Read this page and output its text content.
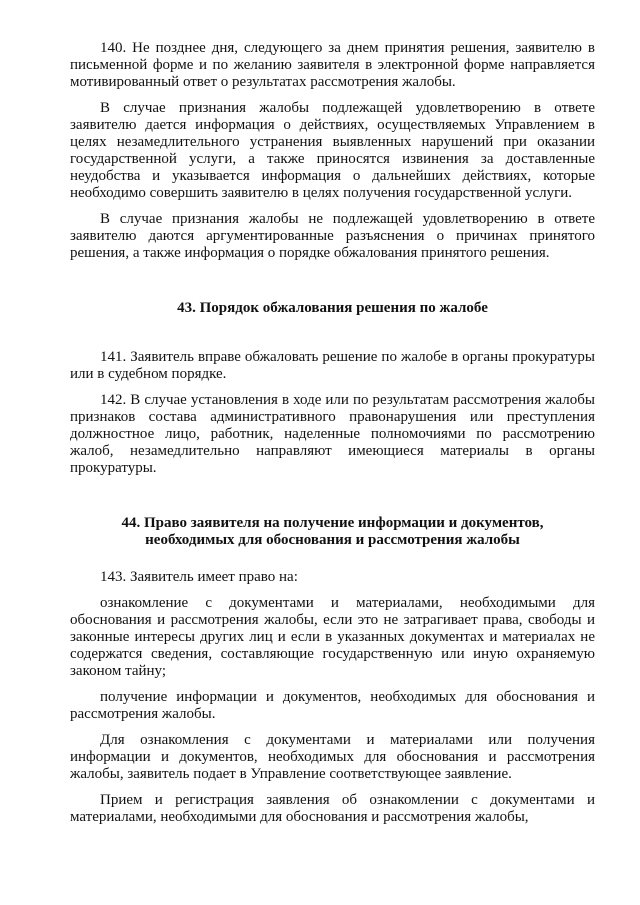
140. Не позднее дня, следующего за днем принятия решения, заявителю в письменной форме и по желанию заявителя в электронной форме направляется мотивированный ответ о результатах рассмотрения жалобы.

В случае признания жалобы подлежащей удовлетворению в ответе заявителю дается информация о действиях, осуществляемых Управлением в целях незамедлительного устранения выявленных нарушений при оказании государственной услуги, а также приносятся извинения за доставленные неудобства и указывается информация о дальнейших действиях, которые необходимо совершить заявителю в целях получения государственной услуги.

В случае признания жалобы не подлежащей удовлетворению в ответе заявителю даются аргументированные разъяснения о причинах принятого решения, а также информация о порядке обжалования принятого решения.

43. Порядок обжалования решения по жалобе

141. Заявитель вправе обжаловать решение по жалобе в органы прокуратуры или в судебном порядке.

142. В случае установления в ходе или по результатам рассмотрения жалобы признаков состава административного правонарушения или преступления должностное лицо, работник, наделенные полномочиями по рассмотрению жалоб, незамедлительно направляют имеющиеся материалы в органы прокуратуры.

44. Право заявителя на получение информации и документов,

необходимых для обоснования и рассмотрения жалобы

143. Заявитель имеет право на:

ознакомление с документами и материалами, необходимыми для обоснования и рассмотрения жалобы, если это не затрагивает права, свободы и законные интересы других лиц и если в указанных документах и материалах не содержатся сведения, составляющие государственную или иную охраняемую законом тайну;

получение информации и документов, необходимых для обоснования и рассмотрения жалобы.

Для ознакомления с документами и материалами или получения информации и документов, необходимых для обоснования и рассмотрения жалобы, заявитель подает в Управление соответствующее заявление.

Прием и регистрация заявления об ознакомлении с документами и материалами, необходимыми для обоснования и рассмотрения жалобы,
